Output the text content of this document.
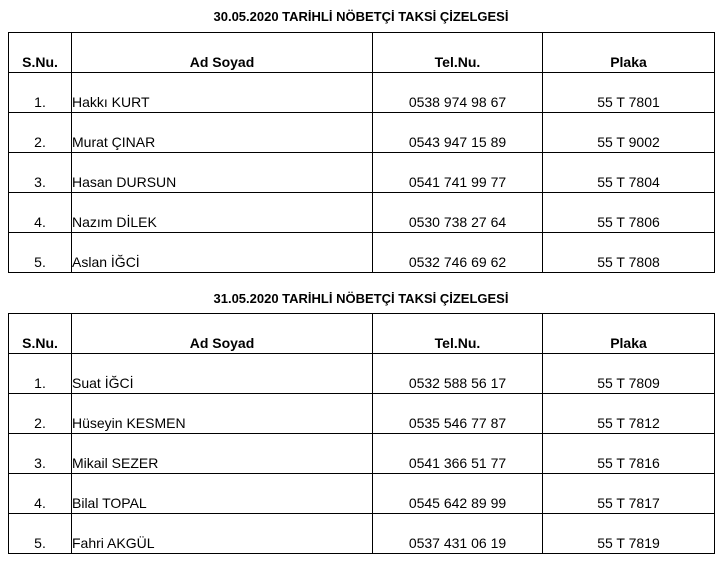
30.05.2020 TARİHLİ NÖBETÇİ TAKSİ ÇİZELGESİ
S.Nu.	Ad Soyad	Tel.Nu.	Plaka
1.	Hakkı KURT	0538 974 98 67	55 T 7801
2.	Murat ÇINAR	0543 947 15 89	55 T 9002
3.	Hasan DURSUN	0541 741 99 77	55 T 7804
4.	Nazım DİLEK	0530 738 27 64	55 T 7806
5.	Aslan İĞCİ	0532 746 69 62	55 T 7808
31.05.2020 TARİHLİ NÖBETÇİ TAKSİ ÇİZELGESİ
S.Nu.	Ad Soyad	Tel.Nu.	Plaka
1.	Suat İĞCİ	0532 588 56 17	55 T 7809
2.	Hüseyin KESMEN	0535 546 77 87	55 T 7812
3.	Mikail SEZER	0541 366 51 77	55 T 7816
4.	Bilal TOPAL	0545 642 89 99	55 T 7817
5.	Fahri AKGÜL	0537 431 06 19	55 T 7819
